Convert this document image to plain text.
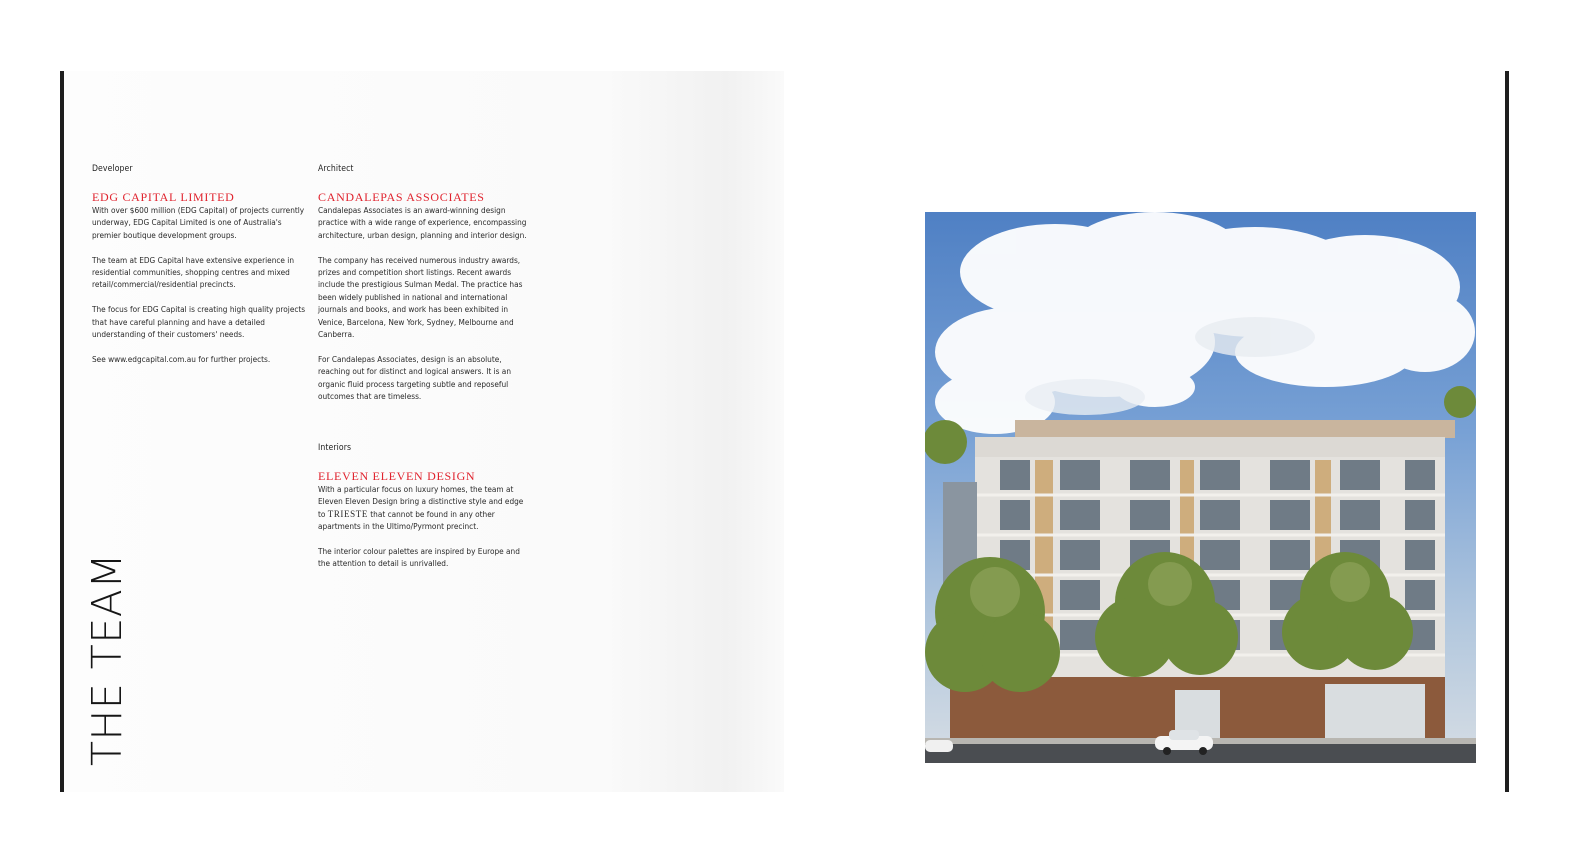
Developer

EDG CAPITAL LIMITED

With over $600 million (EDG Capital) of projects currently underway, EDG Capital Limited is one of Australia's premier boutique development groups.

The team at EDG Capital have extensive experience in residential communities, shopping centres and mixed retail/commercial/residential precincts.

The focus for EDG Capital is creating high quality projects that have careful planning and have a detailed understanding of their customers' needs.

See www.edgcapital.com.au for further projects.

Architect

CANDALEPAS ASSOCIATES

Candalepas Associates is an award-winning design practice with a wide range of experience, encompassing architecture, urban design, planning and interior design.

The company has received numerous industry awards, prizes and competition short listings. Recent awards include the prestigious Sulman Medal. The practice has been widely published in national and international journals and books, and work has been exhibited in Venice, Barcelona, New York, Sydney, Melbourne and Canberra.

For Candalepas Associates, design is an absolute, reaching out for distinct and logical answers. It is an organic fluid process targeting subtle and reposeful outcomes that are timeless.

Interiors

ELEVEN ELEVEN DESIGN

With a particular focus on luxury homes, the team at Eleven Eleven Design bring a distinctive style and edge to TRIESTE that cannot be found in any other apartments in the Ultimo/Pyrmont precinct.

The interior colour palettes are inspired by Europe and the attention to detail is unrivalled.

THE TEAM
